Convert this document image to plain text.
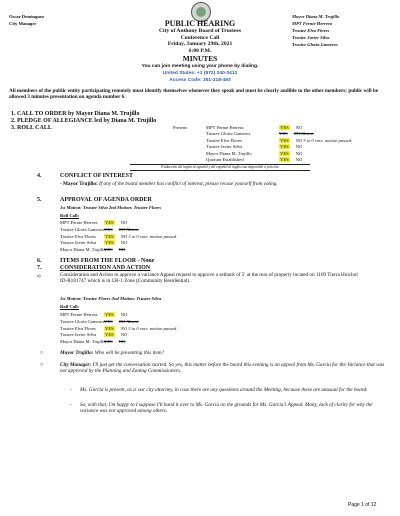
Oscar Dominguez
City Manager	PUBLIC HEARING
City of Anthony Board of Trustees
Conference Call
Friday, January 29th, 2021
6:00 P.M.
MINUTES
You can join meeting using your phone by dialing.
United States: +1 (872) 240-3412
Access Code: 351-218-493
Mayor Diana M. Trujillo
MPT Fernie Herrera
Trustee Elva Flores
Trustee Javier Silva
Trustee Gloria Gameros
All members of the public entity participating remotely must identify themselves whenever they speak and must be clearly audible to the other members; public will be allowed 3 minutes presentation on agenda number 6.
1. CALL TO ORDER by Mayor Diana M. Trujillo
2. PLEDGE OF ALLEGIANCE led by Diana M. Trujillo
3. ROLL CALL	Present:	MPT Fernie Herrera	YES NO
Trustee Gloria Gameros	YES NO Absent
Trustee Elva Flores	YES NO 3 to 0 vote, motion passed.
Trustee Javier Silva	YES NO
Mayor Diana M. Trujillo	YES NO
Quorum Established	YES NO
Traducción del inglés al español y del español al inglés esta disponible a petición.
4.	CONFLICT OF INTEREST
- Mayor Trujillo: If any of the board member has conflict of interest, please recuse yourself from voting.
5.	APPROVAL OF AGENDA ORDER
1st Motion: Trustee Silva 2nd Motion: Trustee Flores
Roll Call:
MPT Fernie Herrera YES NO
Trustee Gloria GamerosYES NO Absent
Trustee Elva Flores YES NO 3 to 0 vote, motion passed.
Trustee Javier Silva YES NO
Mayor Diana M. TrujilloYES NO
6.	ITEMS FROM THE FLOOR - None
7.	CONSIDERATION AND ACTION
a)	Consideration and Action to approve a variance Appeal request to approve a setback of 5' at the rear of property located on 1109 Tierra Huichol ID-R181747 which is in CR-1 Zone (Community Residential).
1st Motion: Trustee Flores 2nd Motion: Trustee Silva
Roll Call:
MPT Fernie Herrera YES NO
Trustee Gloria GamerosYES NO Absent
Trustee Elva Flores YES NO 3 to 0 vote, motion passed.
Trustee Javier Silva YES NO
Mayor Diana M. TrujilloYES NO
○	Mayor Trujillo: Who will be presenting this item?
○	City Manager: I'll just get the conversation started. So yes, this matter before the board this evening is an appeal from Ms. Garcia for the Variance that was not approved by the Planning and Zoning Commissioners.
- Ms. Garcia is present, as is our city attorney, in case there are any questions around the Meeting, because these are unusual for the board.
- So, with that, I'm happy to I suppose I'll hand it over to Ms. Garcia on the grounds for Ms. Garcia's Appeal. Many, lack of clarity for why the variance was not approved among others.
Page 1 of 12
